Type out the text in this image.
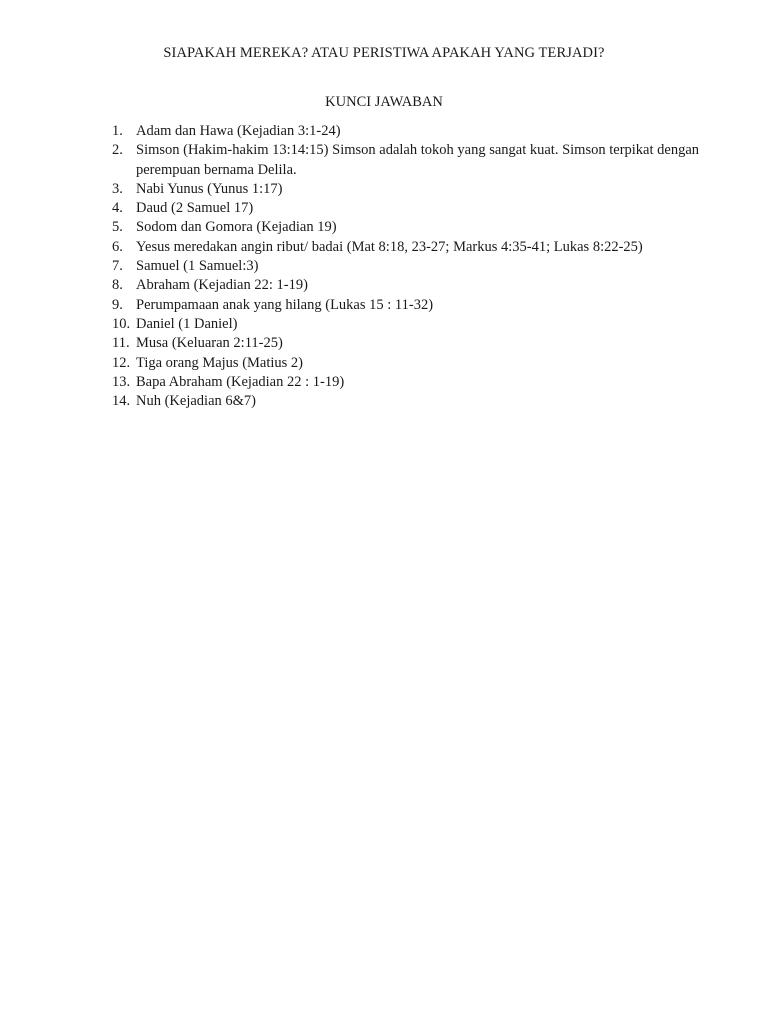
SIAPAKAH MEREKA? ATAU PERISTIWA APAKAH YANG TERJADI?
KUNCI JAWABAN
1. Adam dan Hawa (Kejadian 3:1-24)
2. Simson (Hakim-hakim 13:14:15) Simson adalah tokoh yang sangat kuat. Simson terpikat dengan perempuan bernama Delila.
3. Nabi Yunus (Yunus 1:17)
4. Daud (2 Samuel 17)
5. Sodom dan Gomora (Kejadian 19)
6. Yesus meredakan angin ribut/ badai (Mat 8:18, 23-27; Markus 4:35-41; Lukas 8:22-25)
7. Samuel (1 Samuel:3)
8. Abraham (Kejadian 22: 1-19)
9. Perumpamaan anak yang hilang (Lukas 15 : 11-32)
10. Daniel (1 Daniel)
11. Musa (Keluaran 2:11-25)
12. Tiga orang Majus (Matius 2)
13. Bapa Abraham (Kejadian 22 : 1-19)
14. Nuh (Kejadian 6&7)
